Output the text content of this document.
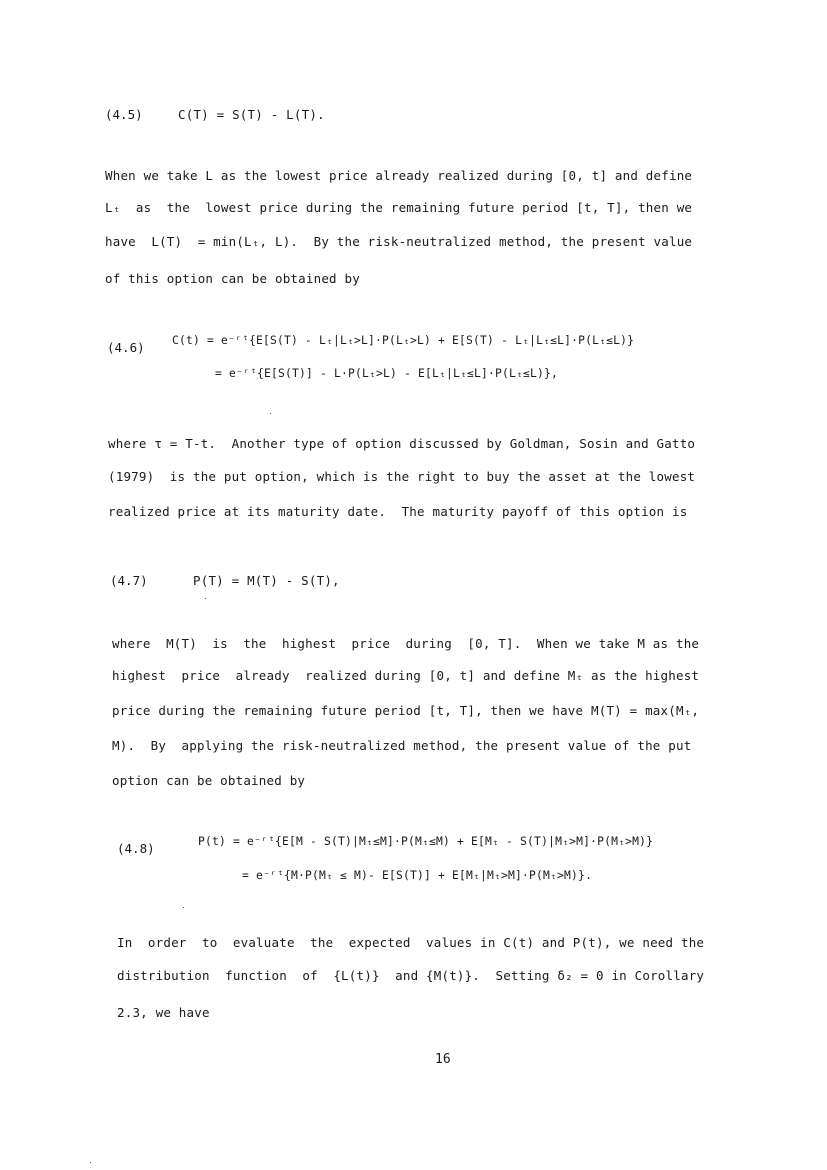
(4.5)	C(T) = S(T) - L(T).
When we take L as the lowest price already realized during [0, t] and define
Lₜ  as  the  lowest price during the remaining future period [t, T], then we
have  L(T)  = min(Lₜ, L).  By the risk-neutralized method, the present value
of this option can be obtained by
(4.6) C(t) = e⁻ʳᵗ{E[S(T) - Lₜ|Lₜ>L]·P(Lₜ>L) + E[S(T) - Lₜ|Lₜ≤L]·P(Lₜ≤L)}
= e⁻ʳᵗ{E[S(T)] - L·P(Lₜ>L) - E[Lₜ|Lₜ≤L]·P(Lₜ≤L)},
where τ = T-t.  Another type of option discussed by Goldman, Sosin and Gatto
(1979)  is the put option, which is the right to buy the asset at the lowest
realized price at its maturity date.  The maturity payoff of this option is
(4.7)	P(T) = M(T) - S(T),
where  M(T)  is  the  highest  price  during  [0, T].  When we take M as the
highest  price  already  realized during [0, t] and define Mₜ as the highest
price during the remaining future period [t, T], then we have M(T) = max(Mₜ,
M).  By  applying the risk-neutralized method, the present value of the put
option can be obtained by
(4.8)	P(t) = e⁻ʳᵗ{E[M - S(T)|Mₜ≤M]·P(Mₜ≤M) + E[Mₜ - S(T)|Mₜ>M]·P(Mₜ>M)}
= e⁻ʳᵗ{M·P(Mₜ ≤ M)- E[S(T)] + E[Mₜ|Mₜ>M]·P(Mₜ>M)}.
In  order  to  evaluate  the  expected  values in C(t) and P(t), we need the
distribution  function  of  {L(t)}  and {M(t)}.  Setting δ₂ = 0 in Corollary
2.3, we have
16
